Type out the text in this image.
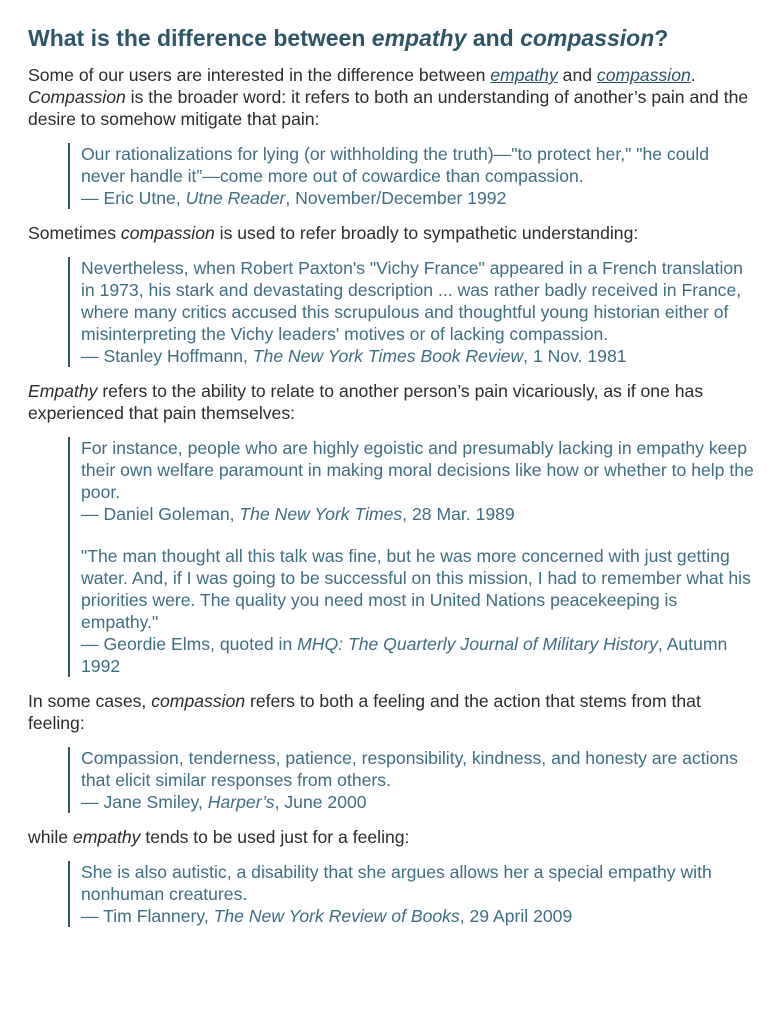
What is the difference between empathy and compassion?

Some of our users are interested in the difference between empathy and compassion. Compassion is the broader word: it refers to both an understanding of another’s pain and the desire to somehow mitigate that pain:

Our rationalizations for lying (or withholding the truth)—"to protect her," "he could never handle it”—come more out of cowardice than compassion.
— Eric Utne, Utne Reader, November/December 1992

Sometimes compassion is used to refer broadly to sympathetic understanding:

Nevertheless, when Robert Paxton's "Vichy France" appeared in a French translation in 1973, his stark and devastating description ... was rather badly received in France, where many critics accused this scrupulous and thoughtful young historian either of misinterpreting the Vichy leaders' motives or of lacking compassion.
— Stanley Hoffmann, The New York Times Book Review, 1 Nov. 1981

Empathy refers to the ability to relate to another person’s pain vicariously, as if one has experienced that pain themselves:

For instance, people who are highly egoistic and presumably lacking in empathy keep their own welfare paramount in making moral decisions like how or whether to help the poor.
— Daniel Goleman, The New York Times, 28 Mar. 1989
"The man thought all this talk was fine, but he was more concerned with just getting water. And, if I was going to be successful on this mission, I had to remember what his priorities were. The quality you need most in United Nations peacekeeping is empathy."
— Geordie Elms, quoted in MHQ: The Quarterly Journal of Military History, Autumn 1992

In some cases, compassion refers to both a feeling and the action that stems from that feeling:

Compassion, tenderness, patience, responsibility, kindness, and honesty are actions that elicit similar responses from others.
— Jane Smiley, Harper’s, June 2000

while empathy tends to be used just for a feeling:

She is also autistic, a disability that she argues allows her a special empathy with nonhuman creatures.
— Tim Flannery, The New York Review of Books, 29 April 2009
